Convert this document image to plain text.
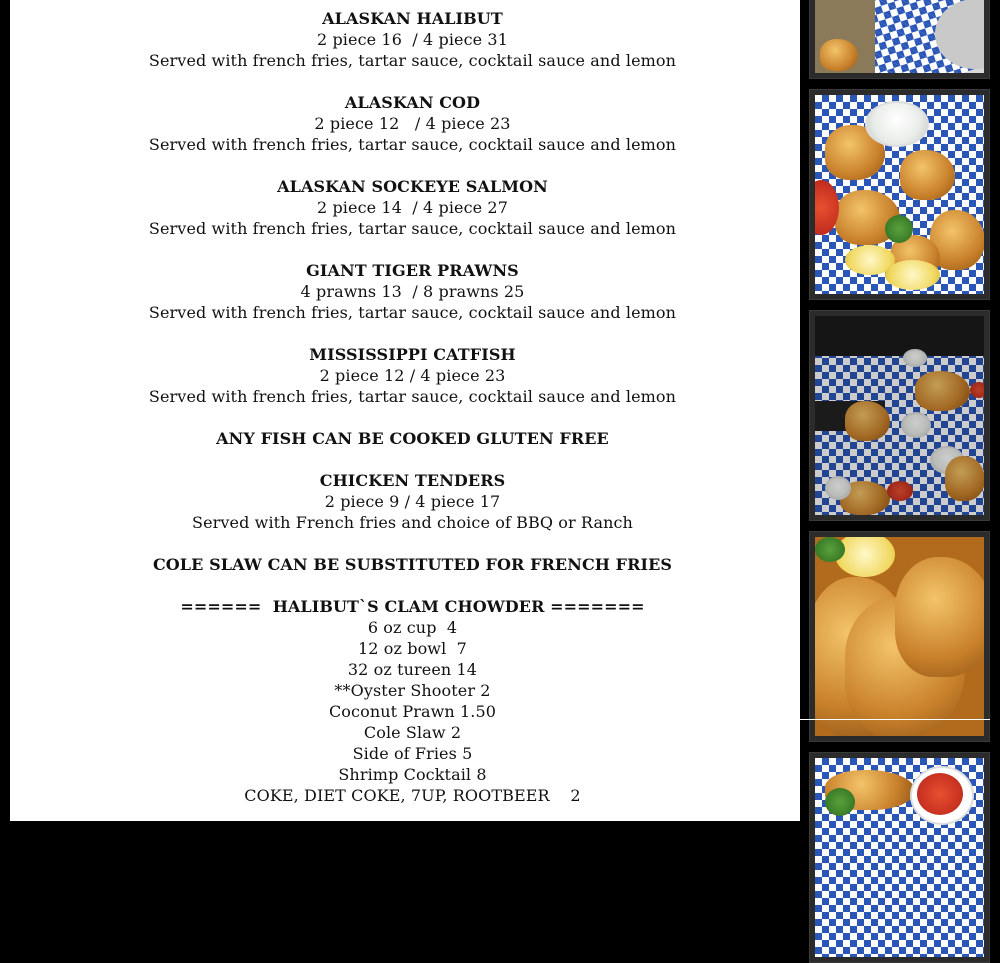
ALASKAN HALIBUT
2 piece 16  / 4 piece 31
Served with french fries, tartar sauce, cocktail sauce and lemon
ALASKAN COD
2 piece 12   / 4 piece 23
Served with french fries, tartar sauce, cocktail sauce and lemon
ALASKAN SOCKEYE SALMON
2 piece 14  / 4 piece 27
Served with french fries, tartar sauce, cocktail sauce and lemon
GIANT TIGER PRAWNS
4 prawns 13  / 8 prawns 25
Served with french fries, tartar sauce, cocktail sauce and lemon
MISSISSIPPI CATFISH
2 piece 12 / 4 piece 23
Served with french fries, tartar sauce, cocktail sauce and lemon
ANY FISH CAN BE COOKED GLUTEN FREE
CHICKEN TENDERS
2 piece 9 / 4 piece 17
Served with French fries and choice of BBQ or Ranch
COLE SLAW CAN BE SUBSTITUTED FOR FRENCH FRIES
======  HALIBUT`S CLAM CHOWDER =======
6 oz cup  4
12 oz bowl  7
32 oz tureen 14
**Oyster Shooter 2
Coconut Prawn 1.50
Cole Slaw 2
Side of Fries 5
Shrimp Cocktail 8
COKE, DIET COKE, 7UP, ROOTBEER    2
